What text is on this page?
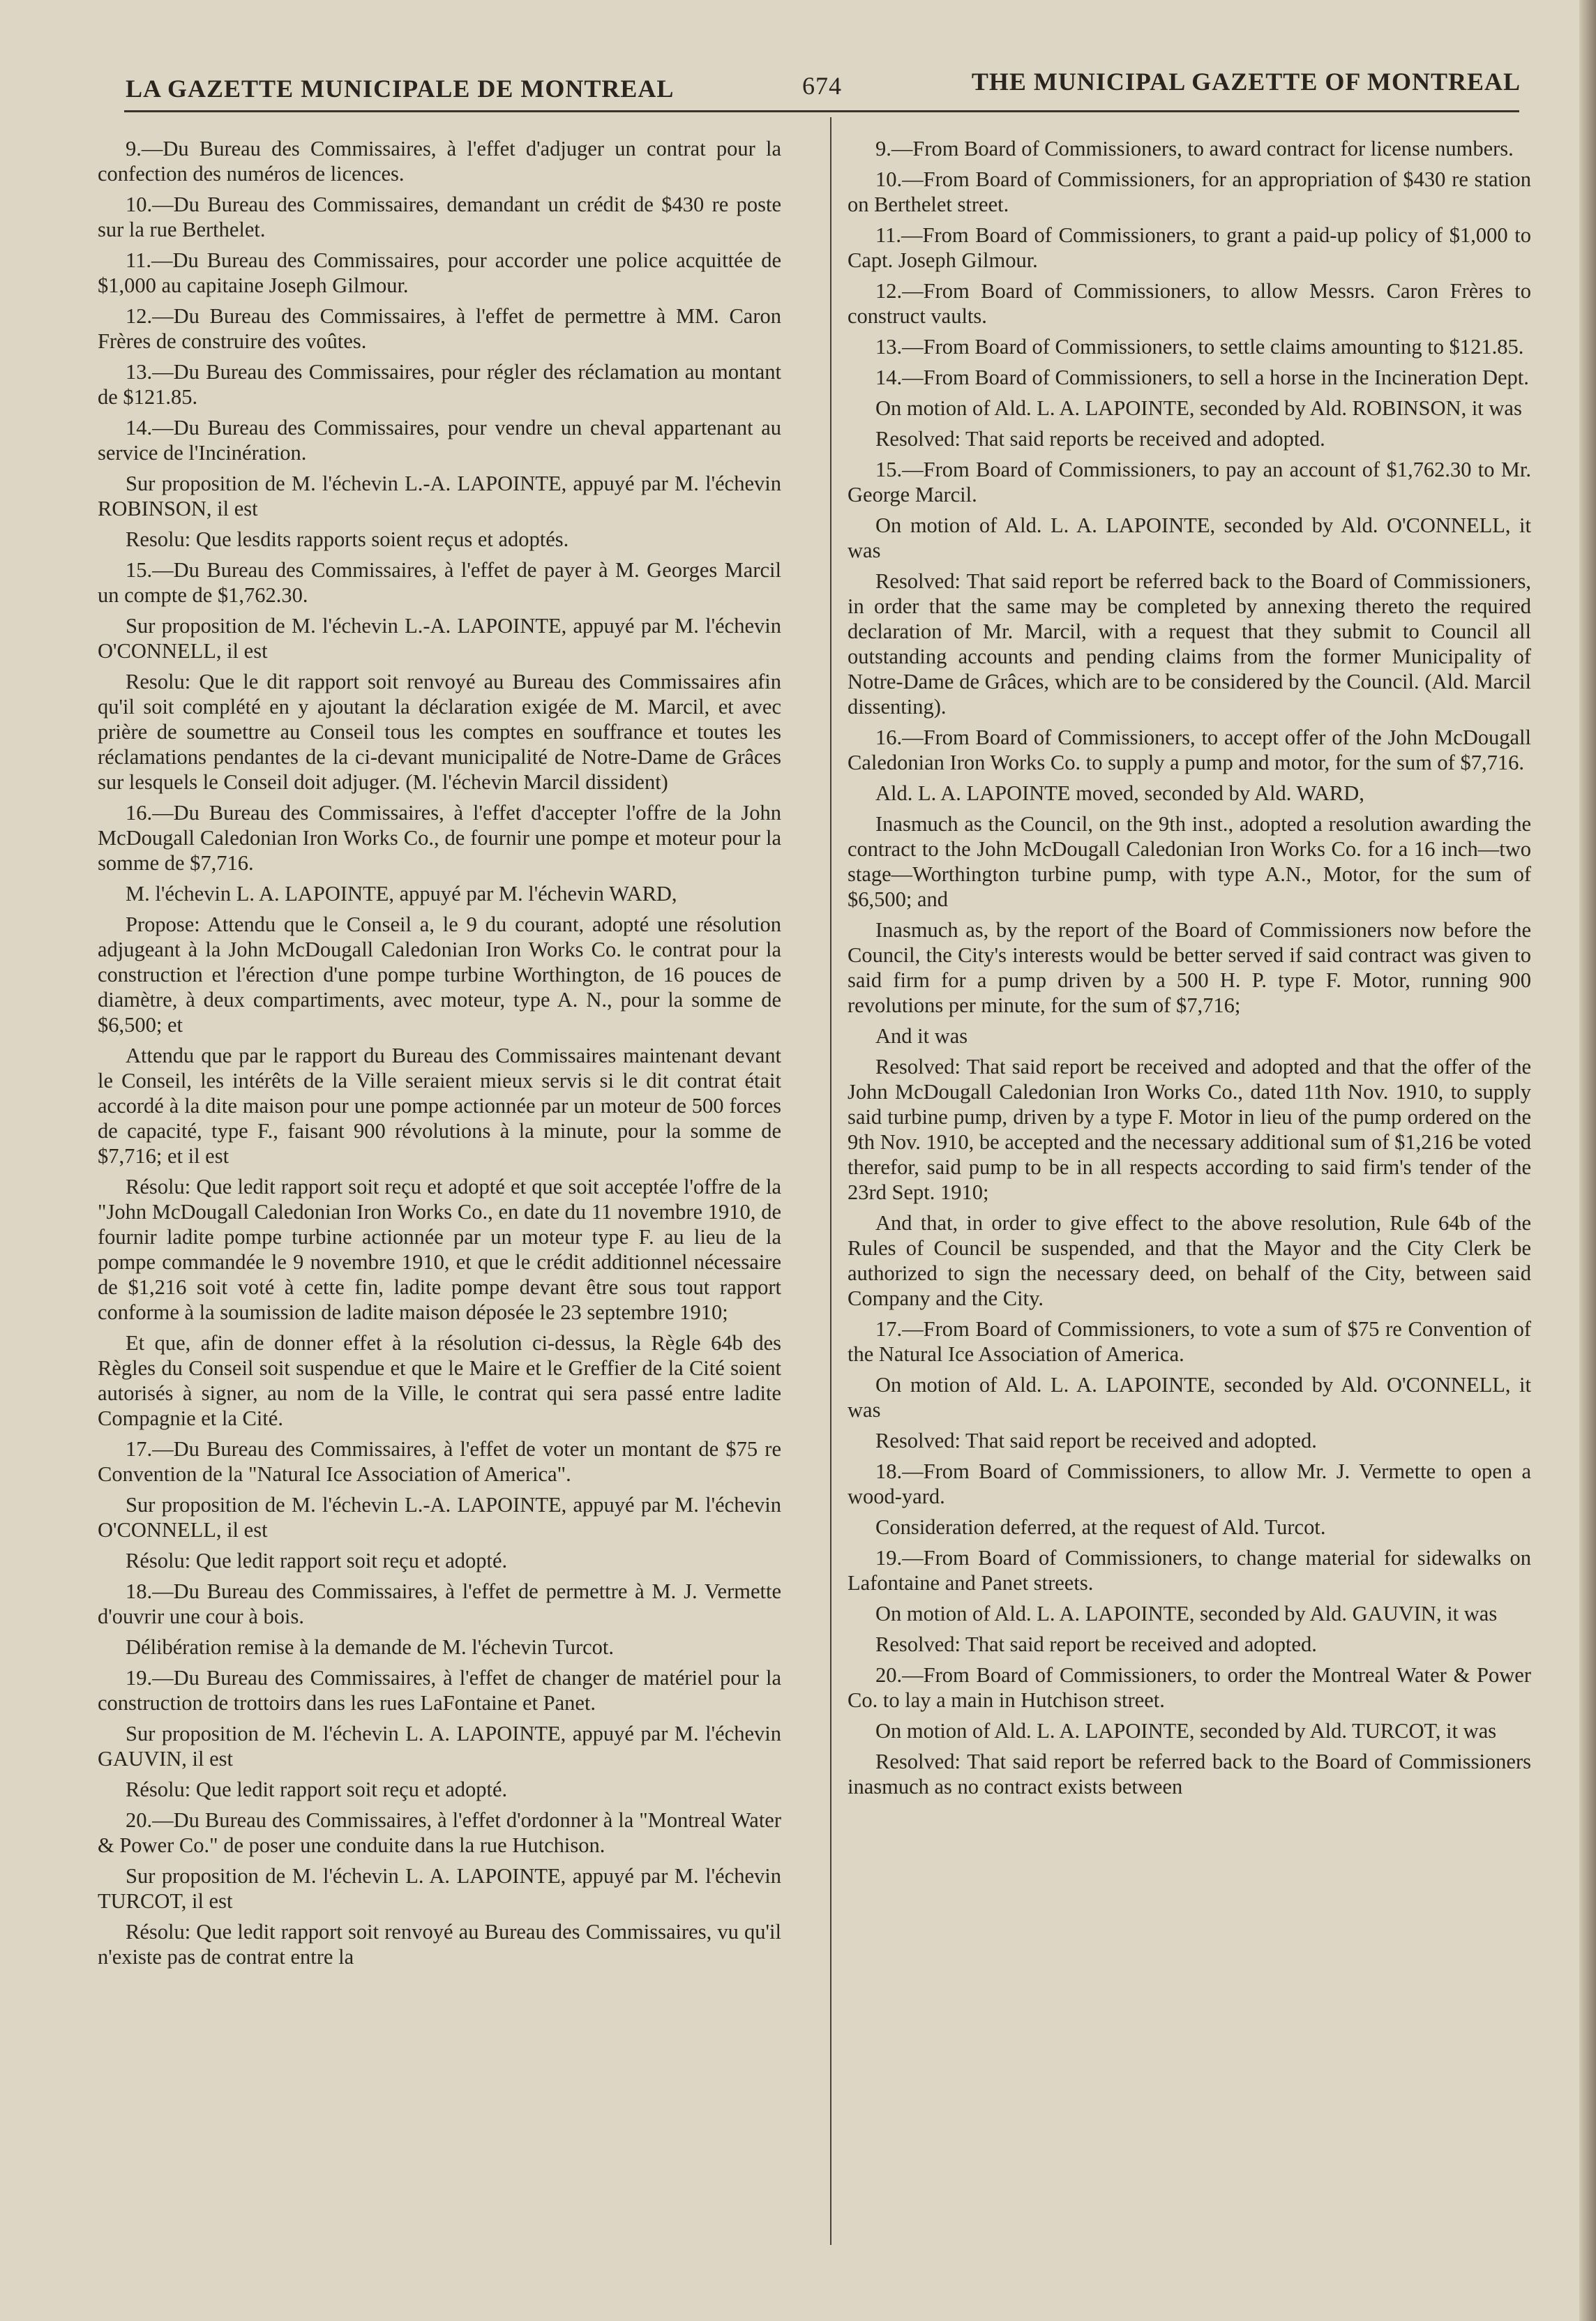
LA GAZETTE MUNICIPALE DE MONTREAL	674	THE MUNICIPAL GAZETTE OF MONTREAL

9.—Du Bureau des Commissaires, à l'effet d'adjuger un contrat pour la confection des numéros de licences.

10.—Du Bureau des Commissaires, demandant un crédit de $430 re poste sur la rue Berthelet.

11.—Du Bureau des Commissaires, pour accorder une police acquittée de $1,000 au capitaine Joseph Gilmour.

12.—Du Bureau des Commissaires, à l'effet de permettre à MM. Caron Frères de construire des voûtes.

13.—Du Bureau des Commissaires, pour régler des réclamation au montant de $121.85.

14.—Du Bureau des Commissaires, pour vendre un cheval appartenant au service de l'Incinération.

Sur proposition de M. l'échevin L.-A. LAPOINTE, appuyé par M. l'échevin ROBINSON, il est

Resolu: Que lesdits rapports soient reçus et adoptés.

15.—Du Bureau des Commissaires, à l'effet de payer à M. Georges Marcil un compte de $1,762.30.

Sur proposition de M. l'échevin L.-A. LAPOINTE, appuyé par M. l'échevin O'CONNELL, il est

Resolu: Que le dit rapport soit renvoyé au Bureau des Commissaires afin qu'il soit complété en y ajoutant la déclaration exigée de M. Marcil, et avec prière de soumettre au Conseil tous les comptes en souffrance et toutes les réclamations pendantes de la ci-devant municipalité de Notre-Dame de Grâces sur lesquels le Conseil doit adjuger. (M. l'échevin Marcil dissident)

16.—Du Bureau des Commissaires, à l'effet d'accepter l'offre de la John McDougall Caledonian Iron Works Co., de fournir une pompe et moteur pour la somme de $7,716.

M. l'échevin L. A. LAPOINTE, appuyé par M. l'échevin WARD,

Propose: Attendu que le Conseil a, le 9 du courant, adopté une résolution adjugeant à la John McDougall Caledonian Iron Works Co. le contrat pour la construction et l'érection d'une pompe turbine Worthington, de 16 pouces de diamètre, à deux compartiments, avec moteur, type A. N., pour la somme de $6,500; et

Attendu que par le rapport du Bureau des Commissaires maintenant devant le Conseil, les intérêts de la Ville seraient mieux servis si le dit contrat était accordé à la dite maison pour une pompe actionnée par un moteur de 500 forces de capacité, type F., faisant 900 révolutions à la minute, pour la somme de $7,716; et il est

Résolu: Que ledit rapport soit reçu et adopté et que soit acceptée l'offre de la "John McDougall Caledonian Iron Works Co., en date du 11 novembre 1910, de fournir ladite pompe turbine actionnée par un moteur type F. au lieu de la pompe commandée le 9 novembre 1910, et que le crédit additionnel nécessaire de $1,216 soit voté à cette fin, ladite pompe devant être sous tout rapport conforme à la soumission de ladite maison déposée le 23 septembre 1910;

Et que, afin de donner effet à la résolution ci-dessus, la Règle 64b des Règles du Conseil soit suspendue et que le Maire et le Greffier de la Cité soient autorisés à signer, au nom de la Ville, le contrat qui sera passé entre ladite Compagnie et la Cité.

17.—Du Bureau des Commissaires, à l'effet de voter un montant de $75 re Convention de la "Natural Ice Association of America".

Sur proposition de M. l'échevin L.-A. LAPOINTE, appuyé par M. l'échevin O'CONNELL, il est

Résolu: Que ledit rapport soit reçu et adopté.

18.—Du Bureau des Commissaires, à l'effet de permettre à M. J. Vermette d'ouvrir une cour à bois.

Délibération remise à la demande de M. l'échevin Turcot.

19.—Du Bureau des Commissaires, à l'effet de changer de matériel pour la construction de trottoirs dans les rues LaFontaine et Panet.

Sur proposition de M. l'échevin L. A. LAPOINTE, appuyé par M. l'échevin GAUVIN, il est

Résolu: Que ledit rapport soit reçu et adopté.

20.—Du Bureau des Commissaires, à l'effet d'ordonner à la "Montreal Water & Power Co." de poser une conduite dans la rue Hutchison.

Sur proposition de M. l'échevin L. A. LAPOINTE, appuyé par M. l'échevin TURCOT, il est

Résolu: Que ledit rapport soit renvoyé au Bureau des Commissaires, vu qu'il n'existe pas de contrat entre la

9.—From Board of Commissioners, to award contract for license numbers.

10.—From Board of Commissioners, for an appropriation of $430 re station on Berthelet street.

11.—From Board of Commissioners, to grant a paid-up policy of $1,000 to Capt. Joseph Gilmour.

12.—From Board of Commissioners, to allow Messrs. Caron Frères to construct vaults.

13.—From Board of Commissioners, to settle claims amounting to $121.85.

14.—From Board of Commissioners, to sell a horse in the Incineration Dept.

On motion of Ald. L. A. LAPOINTE, seconded by Ald. ROBINSON, it was

Resolved: That said reports be received and adopted.

15.—From Board of Commissioners, to pay an account of $1,762.30 to Mr. George Marcil.

On motion of Ald. L. A. LAPOINTE, seconded by Ald. O'CONNELL, it was

Resolved: That said report be referred back to the Board of Commissioners, in order that the same may be completed by annexing thereto the required declaration of Mr. Marcil, with a request that they submit to Council all outstanding accounts and pending claims from the former Municipality of Notre-Dame de Grâces, which are to be considered by the Council. (Ald. Marcil dissenting).

16.—From Board of Commissioners, to accept offer of the John McDougall Caledonian Iron Works Co. to supply a pump and motor, for the sum of $7,716.

Ald. L. A. LAPOINTE moved, seconded by Ald. WARD,

Inasmuch as the Council, on the 9th inst., adopted a resolution awarding the contract to the John McDougall Caledonian Iron Works Co. for a 16 inch—two stage—Worthington turbine pump, with type A.N., Motor, for the sum of $6,500; and

Inasmuch as, by the report of the Board of Commissioners now before the Council, the City's interests would be better served if said contract was given to said firm for a pump driven by a 500 H. P. type F. Motor, running 900 revolutions per minute, for the sum of $7,716;

And it was

Resolved: That said report be received and adopted and that the offer of the John McDougall Caledonian Iron Works Co., dated 11th Nov. 1910, to supply said turbine pump, driven by a type F. Motor in lieu of the pump ordered on the 9th Nov. 1910, be accepted and the necessary additional sum of $1,216 be voted therefor, said pump to be in all respects according to said firm's tender of the 23rd Sept. 1910;

And that, in order to give effect to the above resolution, Rule 64b of the Rules of Council be suspended, and that the Mayor and the City Clerk be authorized to sign the necessary deed, on behalf of the City, between said Company and the City.

17.—From Board of Commissioners, to vote a sum of $75 re Convention of the Natural Ice Association of America.

On motion of Ald. L. A. LAPOINTE, seconded by Ald. O'CONNELL, it was

Resolved: That said report be received and adopted.

18.—From Board of Commissioners, to allow Mr. J. Vermette to open a wood-yard.

Consideration deferred, at the request of Ald. Turcot.

19.—From Board of Commissioners, to change material for sidewalks on Lafontaine and Panet streets.

On motion of Ald. L. A. LAPOINTE, seconded by Ald. GAUVIN, it was

Resolved: That said report be received and adopted.

20.—From Board of Commissioners, to order the Montreal Water & Power Co. to lay a main in Hutchison street.

On motion of Ald. L. A. LAPOINTE, seconded by Ald. TURCOT, it was

Resolved: That said report be referred back to the Board of Commissioners inasmuch as no contract exists between
